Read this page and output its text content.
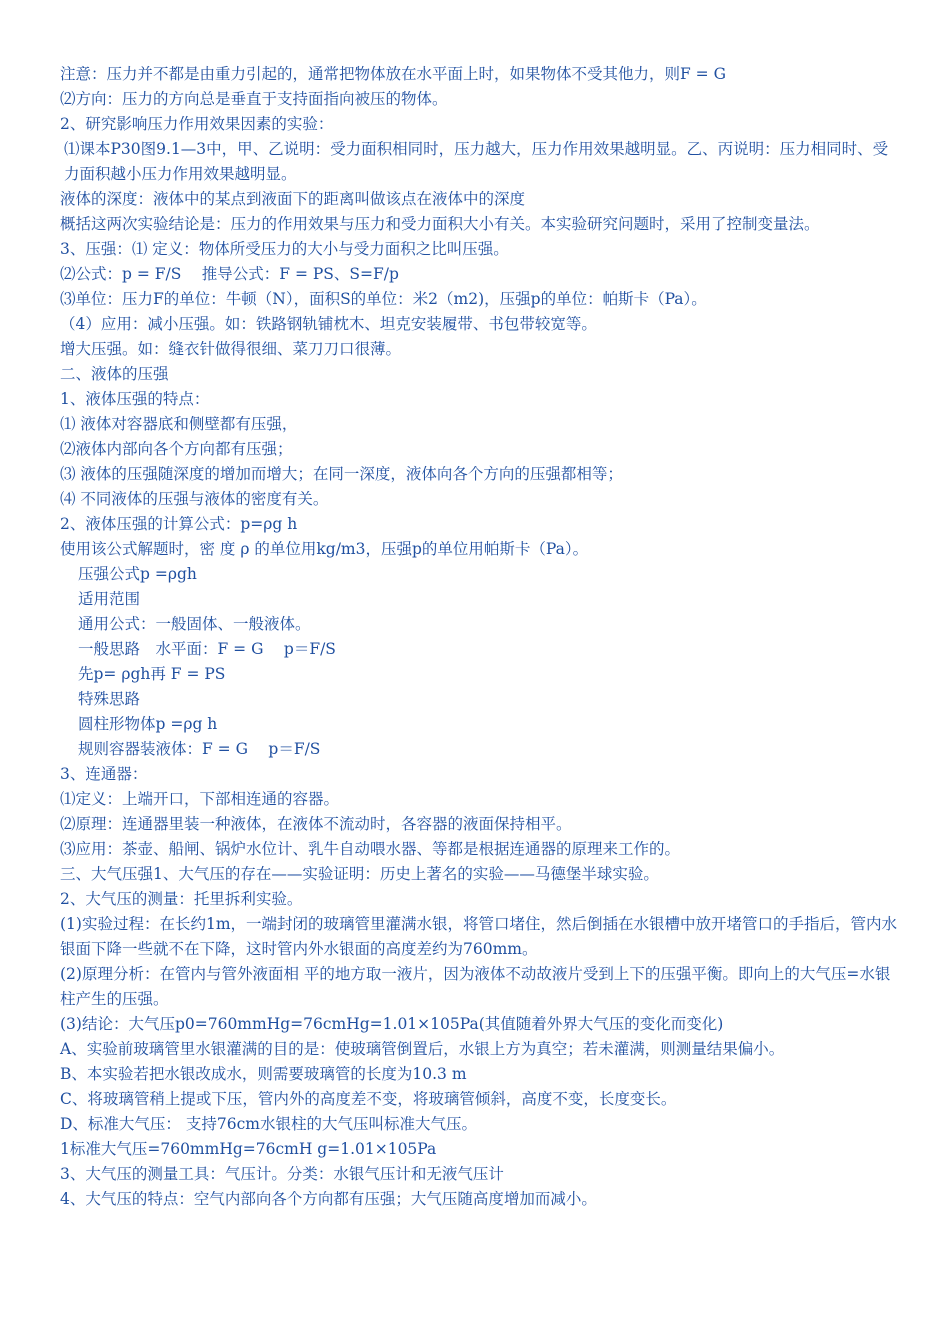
注意：压力并不都是由重力引起的，通常把物体放在水平面上时，如果物体不受其他力，则F = G
⑵方向：压力的方向总是垂直于支持面指向被压的物体。
2、研究影响压力作用效果因素的实验：
⑴课本P30图9.1—3中，甲、乙说明：受力面积相同时，压力越大，压力作用效果越明显。乙、丙说明：压力相同时、受力面积越小压力作用效果越明显。
液体的深度：液体中的某点到液面下的距离叫做该点在液体中的深度
概括这两次实验结论是：压力的作用效果与压力和受力面积大小有关。本实验研究问题时，采用了控制变量法。
3、压强：⑴ 定义：物体所受压力的大小与受力面积之比叫压强。
⑵公式：p = F/S　 推导公式：F = PS、S=F/p
⑶单位：压力F的单位：牛顿（N），面积S的单位：米2（m2)，压强p的单位：帕斯卡（Pa）。
（4）应用：减小压强。如：铁路钢轨铺枕木、坦克安装履带、书包带较宽等。
增大压强。如：缝衣针做得很细、菜刀刀口很薄。
二、液体的压强
1、液体压强的特点：
⑴ 液体对容器底和侧壁都有压强，
⑵液体内部向各个方向都有压强；
⑶ 液体的压强随深度的增加而增大；在同一深度，液体向各个方向的压强都相等；
⑷ 不同液体的压强与液体的密度有关。
2、液体压强的计算公式：p=ρg h
使用该公式解题时，密 度 ρ 的单位用kg/m3，压强p的单位用帕斯卡（Pa）。
压强公式p =ρgh
适用范围
通用公式：一般固体、一般液体。
一般思路　水平面：F = G　 p＝F/S
先p= ρgh再 F = PS
特殊思路
圆柱形物体p =ρg h
规则容器装液体：F = G　 p＝F/S
3、连通器：
⑴定义：上端开口，下部相连通的容器。
⑵原理：连通器里装一种液体，在液体不流动时，各容器的液面保持相平。
⑶应用：茶壶、船闸、锅炉水位计、乳牛自动喂水器、等都是根据连通器的原理来工作的。
三、大气压强1、大气压的存在——实验证明：历史上著名的实验——马德堡半球实验。
2、大气压的测量：托里拆利实验。
(1)实验过程：在长约1m，一端封闭的玻璃管里灌满水银，将管口堵住，然后倒插在水银槽中放开堵管口的手指后，管内水银面下降一些就不在下降，这时管内外水银面的高度差约为760mm。
(2)原理分析：在管内与管外液面相 平的地方取一液片，因为液体不动故液片受到上下的压强平衡。即向上的大气压=水银柱产生的压强。
(3)结论：大气压p0=760mmHg=76cmHg=1.01×105Pa(其值随着外界大气压的变化而变化)
A、实验前玻璃管里水银灌满的目的是：使玻璃管倒置后，水银上方为真空；若未灌满，则测量结果偏小。
B、本实验若把水银改成水，则需要玻璃管的长度为10.3 m
C、将玻璃管稍上提或下压，管内外的高度差不变，将玻璃管倾斜，高度不变，长度变长。
D、标准大气压： 支持76cm水银柱的大气压叫标准大气压。
1标准大气压=760mmHg=76cmH g=1.01×105Pa
3、大气压的测量工具：气压计。分类：水银气压计和无液气压计
4、大气压的特点：空气内部向各个方向都有压强；大气压随高度增加而减小。
